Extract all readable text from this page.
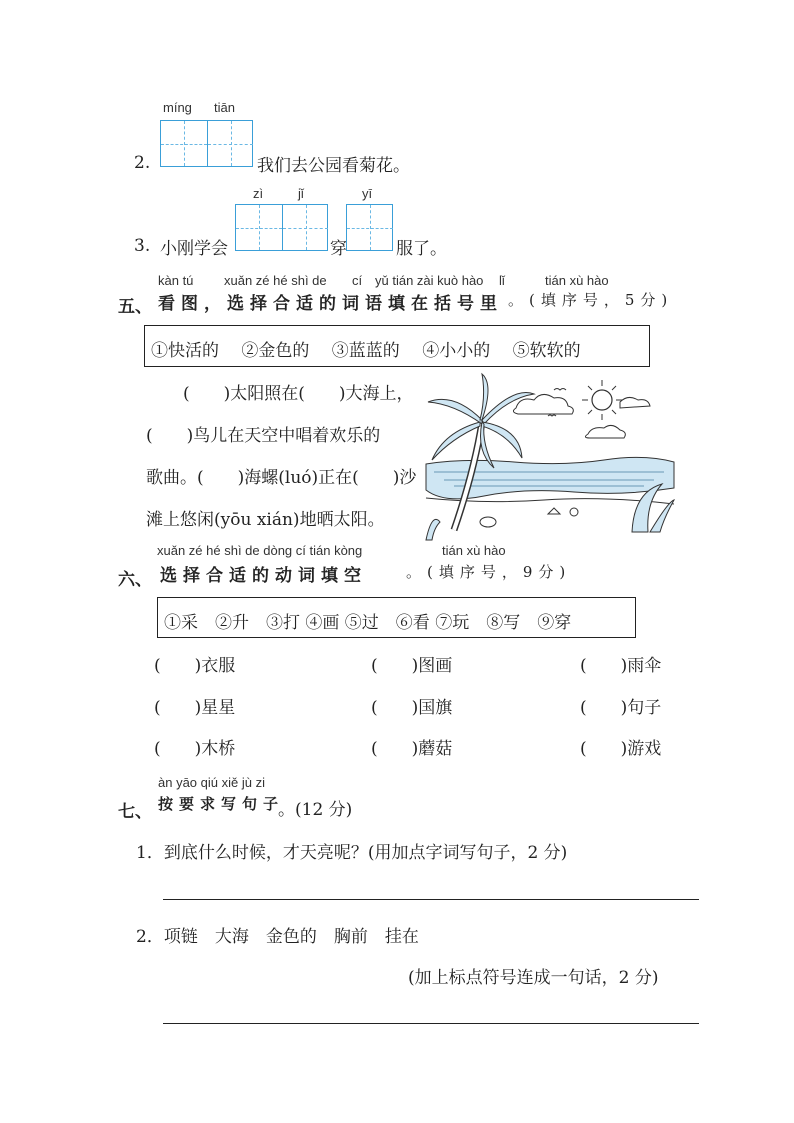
míng tiān
2.	我们去公园看菊花。
zì	jǐ	yī
3. 小刚学会	穿	服了。
kàn tú xuǎn zé hé shì de cí yǔ tián zài kuò hào lǐ	tián xù hào
五、 看图，选择合适的词语填在括号里 。(填序号，5分)
①快活的　 ②金色的　 ③蓝蓝的　 ④小小的　 ⑤软软的
(　　)太阳照在(　　)大海上，
(　　)鸟儿在天空中唱着欢乐的
歌曲。(　　)海螺(luó)正在(　　)沙
滩上悠闲(yōu xián)地晒太阳。
xuǎn zé hé shì de dòng cí tián kòng	tián xù hào
六、 选择合适的动词填空	。(填序号，9分)
①采　②升　③打 ④画 ⑤过　⑥看 ⑦玩　⑧写　⑨穿
(　　)衣服	(　　)图画	(　　)雨伞
(　　)星星	(　　)国旗	(　　)句子
(　　)木桥	(　　)蘑菇	(　　)游戏
àn yāo qiú xiě jù zi
七、 按要求写句子
。(12 分)
1．到底什么时候，才天亮呢？(用加点字词写句子，2 分)
2．项链　大海　金色的　胸前　挂在
(加上标点符号连成一句话，2 分)
